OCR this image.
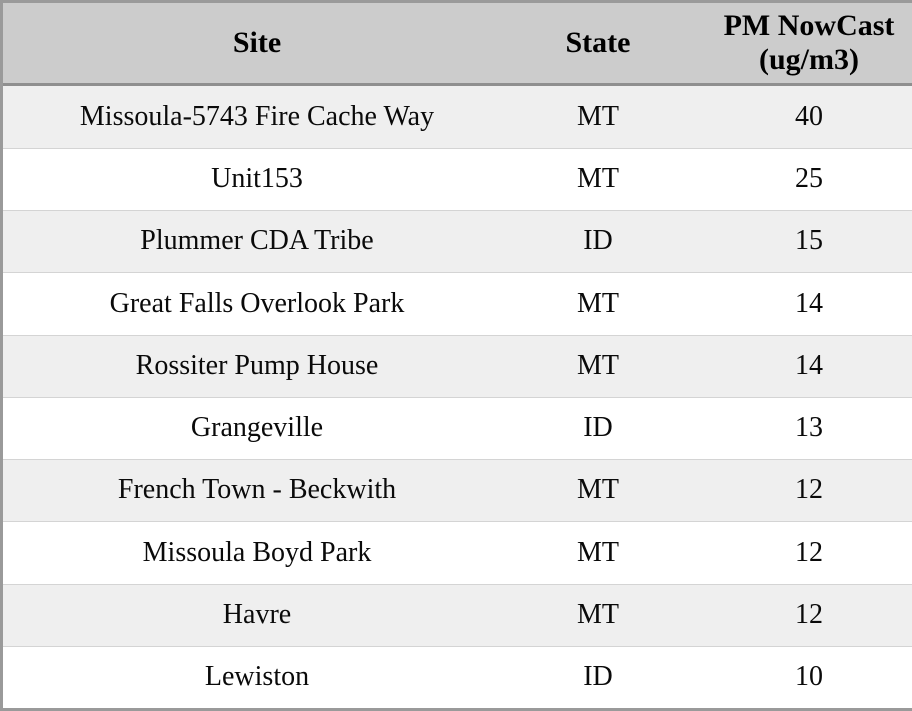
Site	State	PM NowCast (ug/m3)
Missoula-5743 Fire Cache Way	MT	40
Unit153	MT	25
Plummer CDA Tribe	ID	15
Great Falls Overlook Park	MT	14
Rossiter Pump House	MT	14
Grangeville	ID	13
French Town - Beckwith	MT	12
Missoula Boyd Park	MT	12
Havre	MT	12
Lewiston	ID	10
